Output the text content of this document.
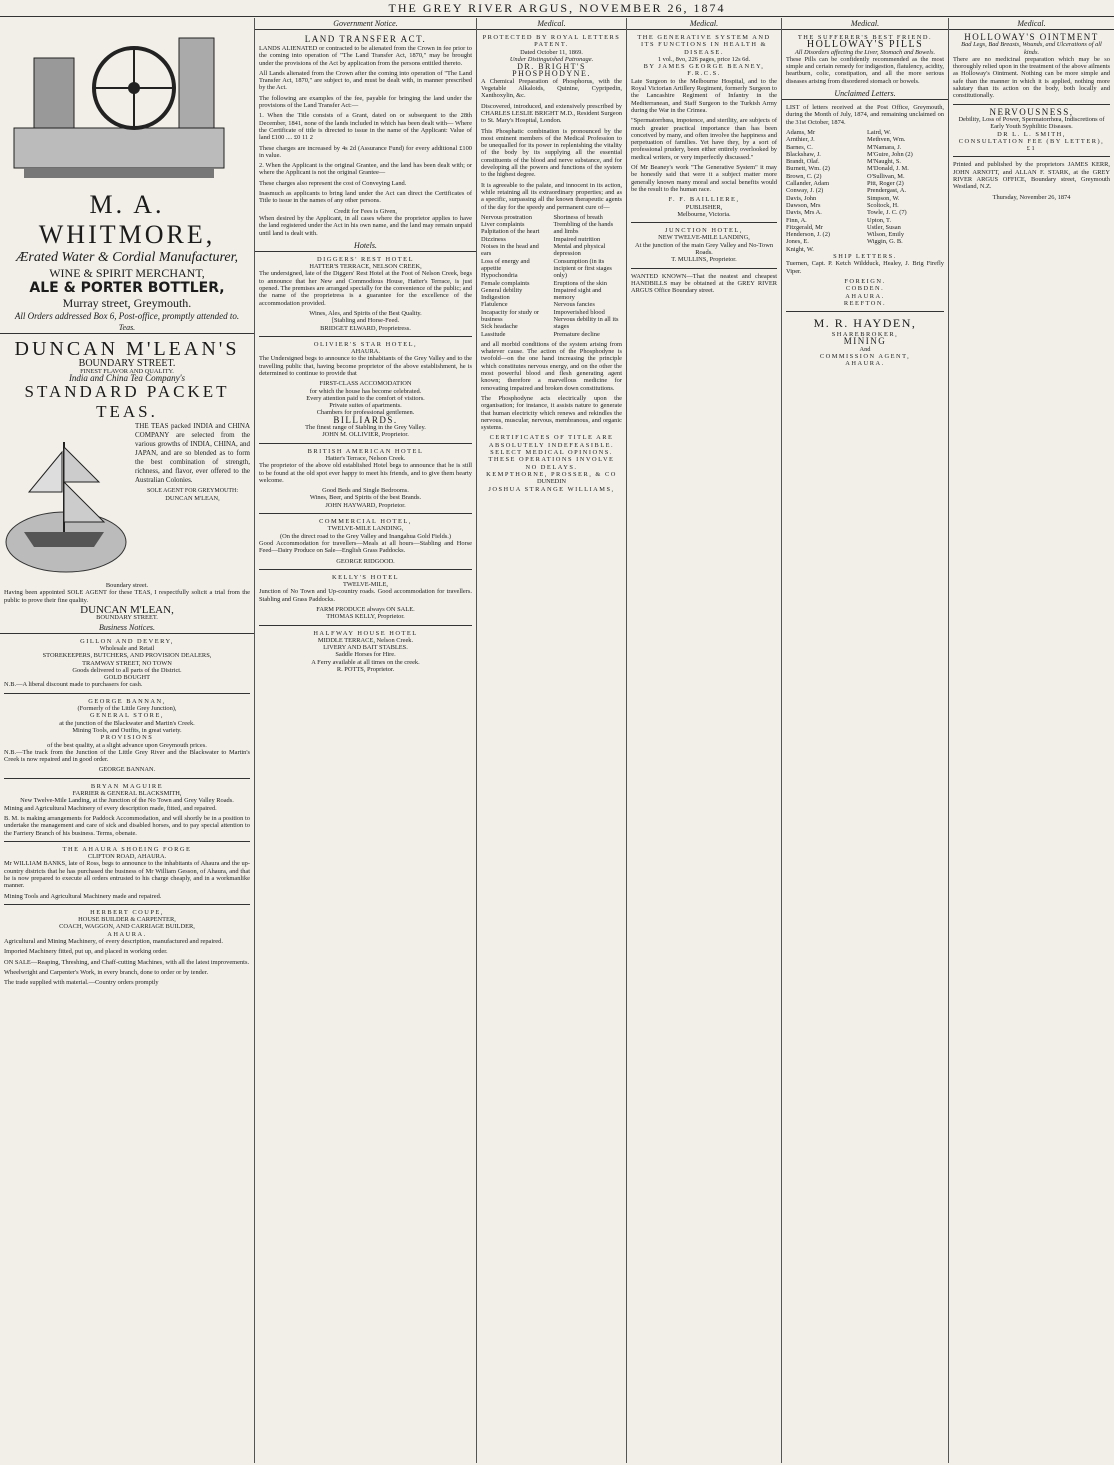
THE GREY RIVER ARGUS, NOVEMBER 26, 1874
M. A. WHITMORE,
Ærated Water & Cordial Manufacturer,
WINE & SPIRIT MERCHANT,
ALE & PORTER BOTTLER,
Murray street, Greymouth.
All Orders addressed Box 6, Post-office, promptly attended to.
Teas.
DUNCAN M'LEAN'S
BOUNDARY STREET.
FINEST FLAVOR AND QUALITY.
India and China Tea Company's
STANDARD PACKET TEAS.

THE TEAS packed INDIA and CHINA COMPANY are selected from the various growths of INDIA, CHINA, and JAPAN, and are so blended as to form the best combination of strength, richness, and flavor, ever offered to the Australian Colonies.

SOLE AGENT FOR GREYMOUTH:
DUNCAN M'LEAN,
Boundary street.

Having been appointed SOLE AGENT for these TEAS, I respectfully solicit a trial from the public to prove their fine quality.

DUNCAN M'LEAN,
BOUNDARY STREET.
Business Notices.
GILLON AND DEVERY,
Wholesale and Retail
STOREKEEPERS, BUTCHERS, AND PROVISION DEALERS,
TRAMWAY STREET, NO TOWN
Goods delivered to all parts of the District.
GOLD BOUGHT

N.B.—A liberal discount made to purchasers for cash.

GEORGE BANNAN,
(Formerly of the Little Grey Junction),
GENERAL STORE,
at the junction of the Blackwater and Martin's Creek.
Mining Tools, and Outfits, in great variety.
PROVISIONS
of the best quality, at a slight advance upon Greymouth prices.

N.B.—The track from the Junction of the Little Grey River and the Blackwater to Martin's Creek is now repaired and in good order.

GEORGE BANNAN.
BRYAN MAGUIRE
FARRIER & GENERAL BLACKSMITH,
New Twelve-Mile Landing, at the Junction of the No Town and Grey Valley Roads.

Mining and Agricultural Machinery of every description made, fitted, and repaired.

B. M. is making arrangements for Paddock Accommodation, and will shortly be in a position to undertake the management and care of sick and disabled horses, and to pay special attention to the Farriery Branch of his business. Terms, obenate.

THE AHAURA SHOEING FORGE
CLIFTON ROAD, AHAURA.

Mr WILLIAM BANKS, late of Ross, begs to announce to the inhabitants of Ahaura and the up-country districts that he has purchased the business of Mr William Gesson, of Ahaura, and that he is now prepared to execute all orders entrusted to his charge cheaply, and in a workmanlike manner.

Mining Tools and Agricultural Machinery made and repaired.

HERBERT COUPE,
HOUSE BUILDER & CARPENTER,
COACH, WAGGON, AND CARRIAGE BUILDER,
AHAURA.

Agricultural and Mining Machinery, of every description, manufactured and repaired.

Imported Machinery fitted, put up, and placed in working order.

ON SALE—Reaping, Threshing, and Chaff-cutting Machines, with all the latest improvements.

Wheelwright and Carpenter's Work, in every branch, done to order or by tender.

The trade supplied with material.—Country orders promptly

Government Notice.
LAND TRANSFER ACT.

LANDS ALIENATED or contracted to be alienated from the Crown in fee prior to the coming into operation of "The Land Transfer Act, 1870," may be brought under the provisions of the Act by application from the persons entitled thereto.

All Lands alienated from the Crown after the coming into operation of "The Land Transfer Act, 1870," are subject to, and must be dealt with, in manner prescribed by the Act.

The following are examples of the fee, payable for bringing the land under the provisions of the Land Transfer Act:—

1. When the Title consists of a Grant, dated on or subsequent to the 28th December, 1841, none of the lands included in which has been dealt with— Where the Certificate of title is directed to issue in the name of the Applicant: Value of land £100 .... £0 11 2

These charges are increased by 4s 2d (Assurance Fund) for every additional £100 in value.

2. When the Applicant is the original Grantee, and the land has been dealt with; or where the Applicant is not the original Grantee—

These charges also represent the cost of Conveying Land.

Inasmuch as applicants to bring land under the Act can direct the Certificates of Title to issue in the names of any other persons.

Credit for Fees is Given,

When desired by the Applicant, in all cases where the proprietor applies to have the land registered under the Act in his own name, and the land may remain unpaid until land is dealt with.

Hotels.
DIGGERS' REST HOTEL
HATTER'S TERRACE, NELSON CREEK,

The undersigned, late of the Diggers' Rest Hotel at the Foot of Nelson Creek, begs to announce that her New and Commodious House, Hatter's Terrace, is just opened. The premises are arranged specially for the convenience of the public; and the name of the proprietress is a guarantee for the excellence of the accommodation provided.

Wines, Ales, and Spirits of the Best Quality.
[Stabling and Horse-Feed.
BRIDGET ELWARD, Proprietress.
OLIVIER'S STAR HOTEL,
AHAURA.

The Undersigned begs to announce to the inhabitants of the Grey Valley and to the travelling public that, having become proprietor of the above establishment, he is determined to continue to provide that

FIRST-CLASS ACCOMODATION
for which the house has become celebrated.
Every attention paid to the comfort of visitors.
Private suites of apartments.
Chambers for professional gentlemen.
BILLIARDS.
The finest range of Stabling in the Grey Valley.
JOHN M. OLLIVIER, Proprietor.
BRITISH AMERICAN HOTEL
Hatter's Terrace, Nelson Creek.

The proprietor of the above old established Hotel begs to announce that he is still to be found at the old spot ever happy to meet his friends, and to give them hearty welcome.

Good Beds and Single Bedrooms.
Wines, Beer, and Spirits of the best Brands.
JOHN HAYWARD, Proprietor.
COMMERCIAL HOTEL,
TWELVE-MILE LANDING,
(On the direct road to the Grey Valley and Inangahua Gold Fields.)

Good Accommodation for travellers—Meals at all hours—Stabling and Horse Feed—Dairy Produce on Sale—English Grass Paddocks.

GEORGE RIDGOOD.
KELLY'S HOTEL
TWELVE-MILE,

Junction of No Town and Up-country roads. Good accommodation for travellers. Stabling and Grass Paddocks.

FARM PRODUCE always ON SALE.
THOMAS KELLY, Proprietor.
HALFWAY HOUSE HOTEL
MIDDLE TERRACE, Nelson Creek.
LIVERY AND BAIT STABLES.
Saddle Horses for Hire.
A Ferry available at all times on the creek.
R. POTTS, Proprietor.
Medical.
PROTECTED BY ROYAL LETTERS PATENT.
Dated October 11, 1869.
Under Distinguished Patronage.
DR. BRIGHT'S PHOSPHODYNE.

A Chemical Preparation of Phosphorus, with the Vegetable Alkaloids, Quinine, Cypripedin, Xanthoxylin, &c.

Discovered, introduced, and extensively prescribed by CHARLES LESLIE BRIGHT M.D., Resident Surgeon to St. Mary's Hospital, London.

This Phosphatic combination is pronounced by the most eminent members of the Medical Profession to be unequalled for its power in replenishing the vitality of the body by its supplying all the essential constituents of the blood and nerve substance, and for developing all the powers and functions of the system to the highest degree.

It is agreeable to the palate, and innocent in its action, while retaining all its extraordinary properties; and as a specific, surpassing all the known therapeutic agents of the day for the speedy and permanent cure of—

Nervous prostration
Liver complaints
Palpitation of the heart
Dizziness
Noises in the head and ears
Loss of energy and appetite
Hypochondria
Female complaints
General debility
Indigestion
Flatulence
Incapacity for study or business
Sick headache
Lassitude
Shortness of breath
Trembling of the hands and limbs
Impaired nutrition
Mental and physical depression
Consumption (in its incipient or first stages only)
Eruptions of the skin
Impaired sight and memory
Nervous fancies
Impoverished blood
Nervous debility in all its stages
Premature decline

and all morbid conditions of the system arising from whatever cause. The action of the Phosphodyne is twofold—on the one hand increasing the principle which constitutes nervous energy, and on the other the most powerful blood and flesh generating agent known; therefore a marvellous medicine for renovating impaired and broken down constitutions.

The Phosphodyne acts electrically upon the organisation; for instance, it assists nature to generate that human electricity which renews and rekindles the nervous, muscular, nervous, membranous, and organic systems.

CERTIFICATES OF TITLE ARE ABSOLUTELY INDEFEASIBLE.
SELECT MEDICAL OPINIONS.
THESE OPERATIONS INVOLVE NO DELAYS.
KEMPTHORNE, PROSSER, & CO
DUNEDIN
JOSHUA STRANGE WILLIAMS,
Medical.
THE GENERATIVE SYSTEM AND ITS FUNCTIONS IN HEALTH & DISEASE.
1 vol., 8vo, 226 pages, price 12s 6d.
BY JAMES GEORGE BEANEY, F.R.C.S.

Late Surgeon to the Melbourne Hospital, and to the Royal Victorian Artillery Regiment, formerly Surgeon to the Lancashire Regiment of Infantry in the Mediterranean, and Staff Surgeon to the Turkish Army during the War in the Crimea.

"Spermatorrhœa, impotence, and sterility, are subjects of much greater practical importance than has been conceived by many, and often involve the happiness and perpetuation of families. Yet have they, by a sort of professional prudery, been either entirely overlooked by medical writers, or very imperfectly discussed."

Of Mr Beaney's work "The Generative System" it may be honestly said that were it a subject matter more generally known many moral and social benefits would be the result to the human race.

F. F. BAILLIERE,
PUBLISHER,
Melbourne, Victoria.
JUNCTION HOTEL,
NEW TWELVE-MILE LANDING,
At the junction of the main Grey Valley and No-Town Roads.
T. MULLINS, Proprietor.

WANTED KNOWN—That the neatest and cheapest HANDBILLS may be obtained at the GREY RIVER ARGUS Office Boundary street.

Medical.
THE SUFFERER'S BEST FRIEND.
HOLLOWAY'S PILLS
All Disorders affecting the Liver, Stomach and Bowels.

These Pills can be confidently recommended as the most simple and certain remedy for indigestion, flatulency, acidity, heartburn, colic, constipation, and all the more serious diseases arising from disordered stomach or bowels.

Unclaimed Letters.

LIST of letters received at the Post Office, Greymouth, during the Month of July, 1874, and remaining unclaimed on the 31st October, 1874.

Adams, Mr
Arnthier, J.
Barnes, C.
Blackshaw, J.
Brandt, Olaf.
Burnett, Wm. (2)
Brown, C. (2)
Callander, Adam
Conway, J. (2)
Davis, John
Dawson, Mrs
Davis, Mrs A.
Finn, A.
Fitzgerald, Mr
Henderson, J. (2)
Jones, E.
Knight, W.
Laird, W.
Methven, Wm.
M'Namara, J.
M'Guire, John (2)
M'Naught, S.
M'Donald, J. M.
O'Sullivan, M.
Pitt, Roger (2)
Prendergast, A.
Simpson, W.
Scoltock, H.
Towle, J. C. (7)
Upton, T.
Ustler, Susan
Wilson, Emily
Wiggin, G. B.
SHIP LETTERS.

Tuernen, Capt. P. Ketch Wildduck, Healey, J. Brig Firefly Viper.

FOREIGN.
COBDEN.
AHAURA.
REEFTON.
M. R. HAYDEN,
SHAREBROKER,
MINING
And
COMMISSION AGENT,
AHAURA.
Medical.
HOLLOWAY'S OINTMENT
Bad Legs, Bad Breasts, Wounds, and Ulcerations of all kinds.

There are no medicinal preparation which may be so thoroughly relied upon in the treatment of the above ailments as Holloway's Ointment. Nothing can be more simple and safe than the manner in which it is applied, nothing more salutary than its action on the body, both locally and constitutionally.

NERVOUSNESS,
Debility, Loss of Power, Spermatorrhœa, Indiscretions of Early Youth Syphilitic Diseases.
DR L. L. SMITH,
CONSULTATION FEE (BY LETTER), £1

Printed and published by the proprietors JAMES KERR, JOHN ARNOTT, and ALLAN F. STARK, at the GREY RIVER ARGUS OFFICE, Boundary street, Greymouth Westland, N.Z.

Thursday, November 26, 1874
